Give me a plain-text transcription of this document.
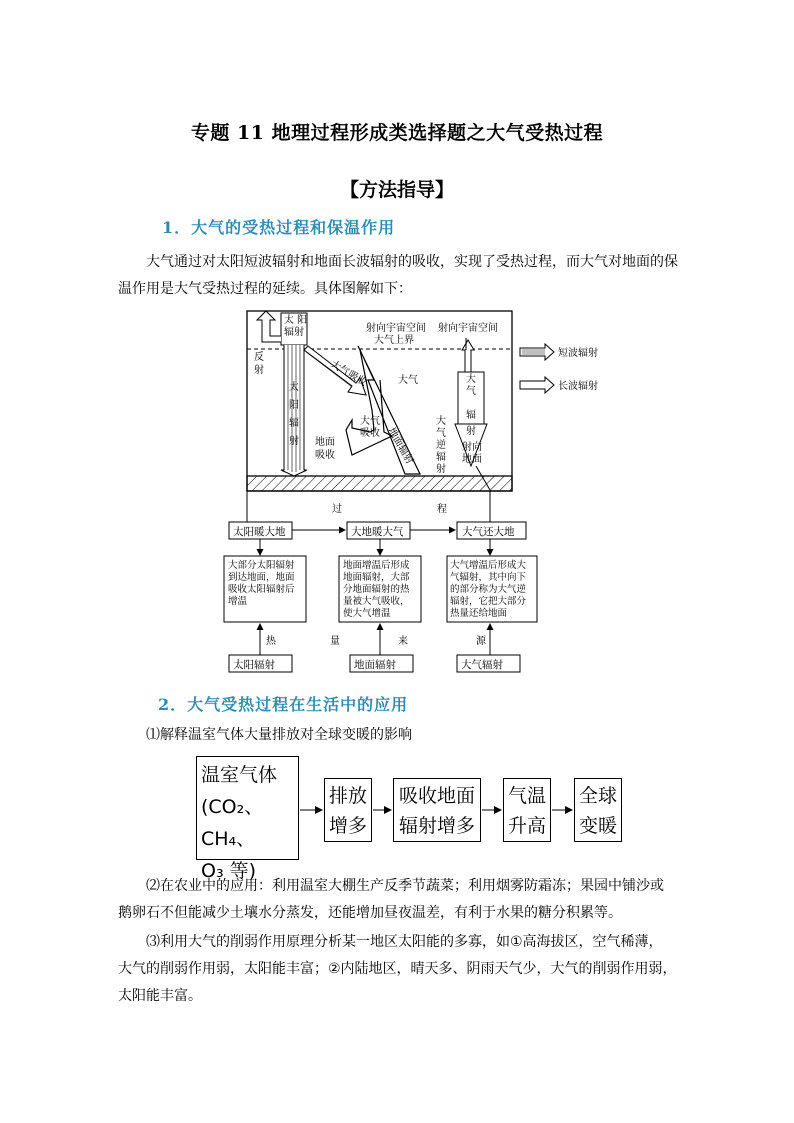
专题 11 地理过程形成类选择题之大气受热过程
【方法指导】
1．大气的受热过程和保温作用
大气通过对太阳短波辐射和地面长波辐射的吸收，实现了受热过程，而大气对地面的保
温作用是大气受热过程的延续。具体图解如下：
太 阳
辐射
反
射
太
阳
辐
射 地面
吸收
射向宇宙空间
大气上界
射向宇宙空间
大气
大气
吸收
大
气
逆
辐
射
大
气
辐
射
射向
地面
短波辐射
长波辐射
大气吸收
地面辐射
过	程
热	量	来	源
太阳暖大地	大地暖大气	大气还大地
太阳辐射	地面辐射	大气辐射
大部分太阳辐射
到达地面，地面
吸收太阳辐射后
增温
地面增温后形成
地面辐射，大部
分地面辐射的热
量被大气吸收，
使大气增温
大气增温后形成大
气辐射，其中向下
的部分称为大气逆
辐射，它把大部分
热量还给地面
2．大气受热过程在生活中的应用
⑴解释温室气体大量排放对全球变暖的影响
温室气体
(CO₂、CH₄、
O₃ 等)
排放
增多
吸收地面
辐射增多
气温
升高
全球
变暖
⑵在农业中的应用：利用温室大棚生产反季节蔬菜；利用烟雾防霜冻；果园中铺沙或
鹅卵石不但能减少土壤水分蒸发，还能增加昼夜温差，有利于水果的糖分积累等。
⑶利用大气的削弱作用原理分析某一地区太阳能的多寡，如①高海拔区，空气稀薄，
大气的削弱作用弱，太阳能丰富；②内陆地区，晴天多、阴雨天气少，大气的削弱作用弱，
太阳能丰富。
